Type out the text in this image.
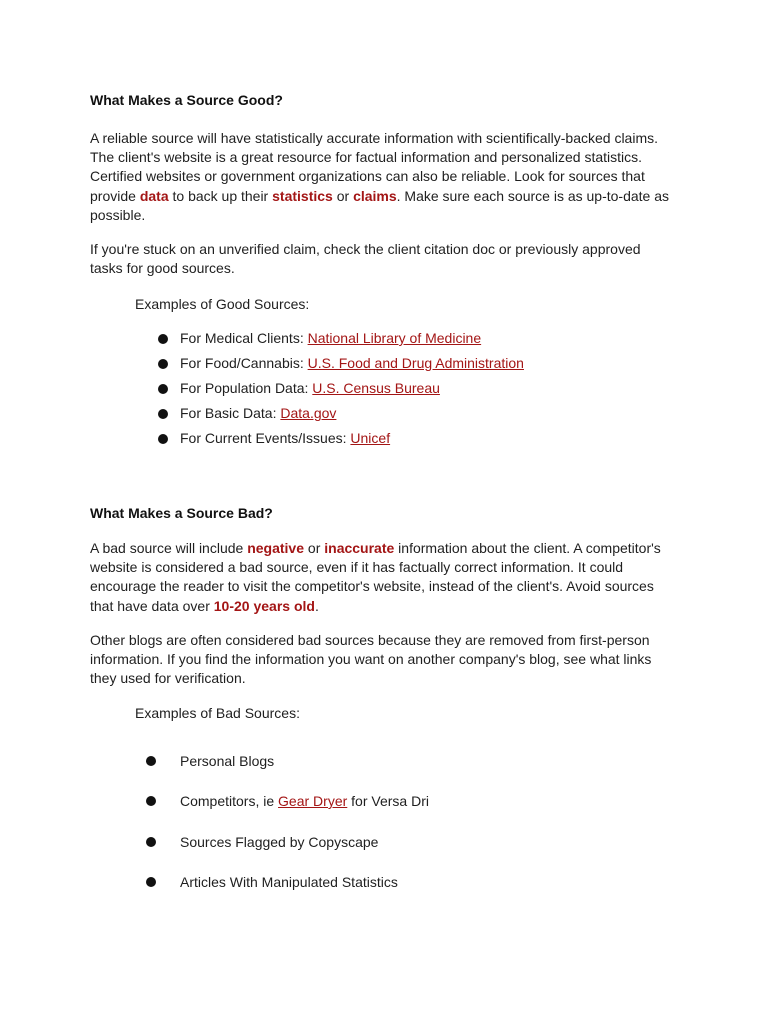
What Makes a Source Good?

A reliable source will have statistically accurate information with scientifically-backed claims. The client's website is a great resource for factual information and personalized statistics. Certified websites or government organizations can also be reliable. Look for sources that provide data to back up their statistics or claims. Make sure each source is as up-to-date as possible.

If you're stuck on an unverified claim, check the client citation doc or previously approved tasks for good sources.

Examples of Good Sources:
For Medical Clients: National Library of Medicine
For Food/Cannabis: U.S. Food and Drug Administration
For Population Data: U.S. Census Bureau
For Basic Data: Data.gov
For Current Events/Issues: Unicef
What Makes a Source Bad?

A bad source will include negative or inaccurate information about the client. A competitor's website is considered a bad source, even if it has factually correct information. It could encourage the reader to visit the competitor's website, instead of the client's. Avoid sources that have data over 10-20 years old.

Other blogs are often considered bad sources because they are removed from first-person information. If you find the information you want on another company's blog, see what links they used for verification.

Examples of Bad Sources:
Personal Blogs
Competitors, ie Gear Dryer for Versa Dri
Sources Flagged by Copyscape
Articles With Manipulated Statistics
